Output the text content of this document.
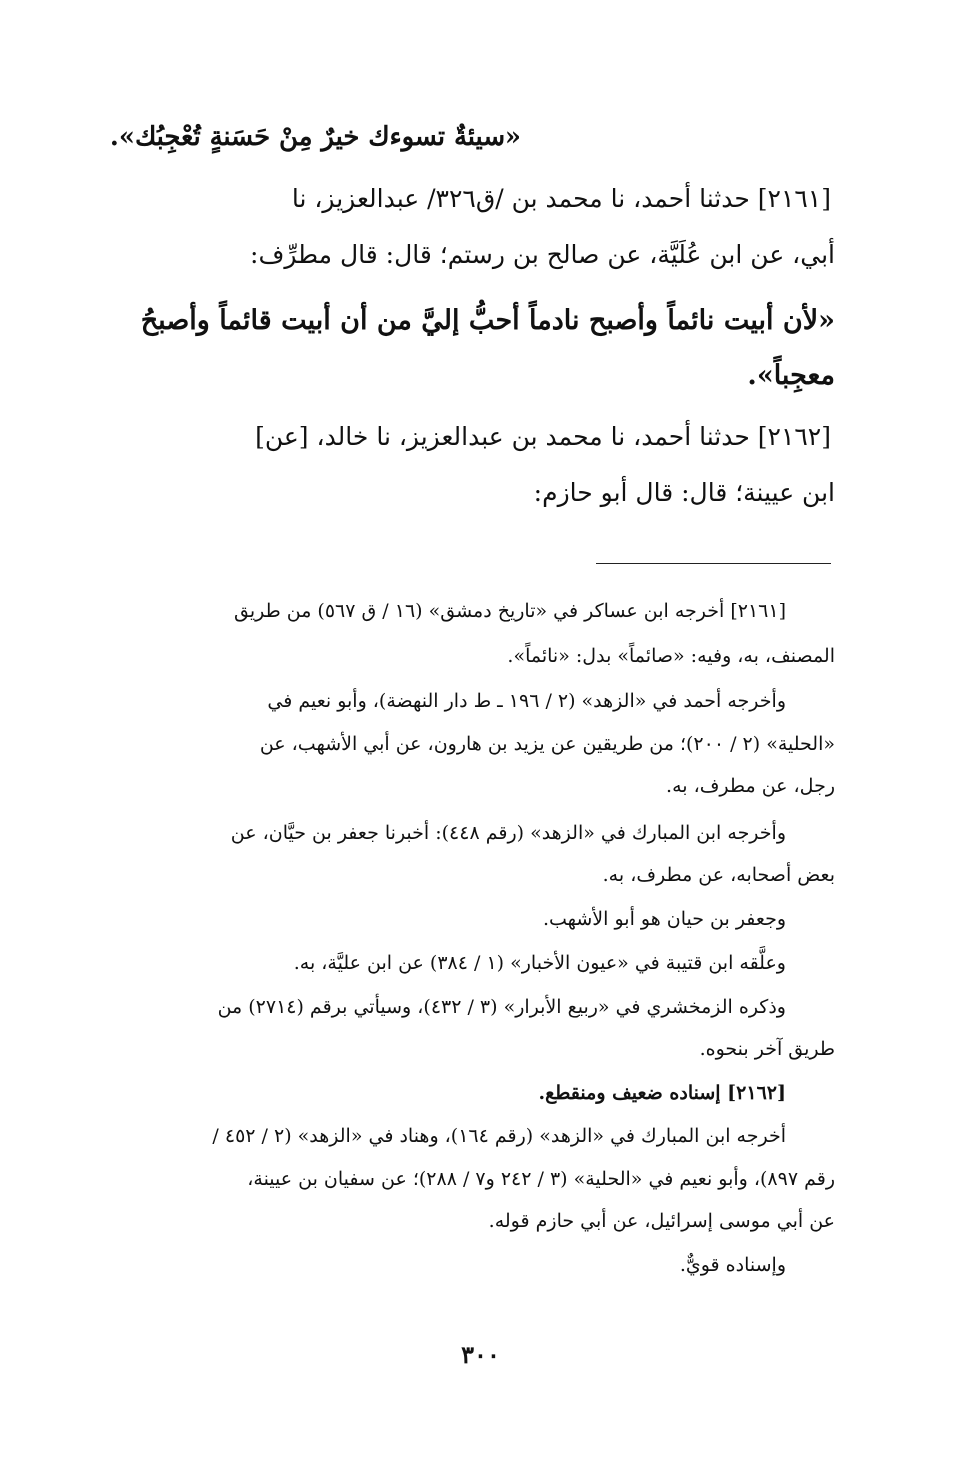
«سيئةٌ تسوءك خيرٌ مِنْ حَسَنةٍ تُعْجِبُك».
[٢١٦١] حدثنا أحمد، نا محمد بن /ق٣٢٦/ عبدالعزيز، نا
أبي، عن ابن عُلَيَّة، عن صالح بن رستم؛ قال: قال مطرِّف:
«لأن أبيت نائماً وأصبح نادماً أحبُّ إليَّ من أن أبيت قائماً وأصبحُ
معجِباً».
[٢١٦٢] حدثنا أحمد، نا محمد بن عبدالعزيز، نا خالد، [عن]
ابن عيينة؛ قال: قال أبو حازم:
[٢١٦١] أخرجه ابن عساكر في «تاريخ دمشق» (١٦ / ق ٥٦٧) من طريق
المصنف، به، وفيه: «صائماً» بدل: «نائماً».
وأخرجه أحمد في «الزهد» (٢ / ١٩٦ ـ ط دار النهضة)، وأبو نعيم في
«الحلية» (٢ / ٢٠٠)؛ من طريقين عن يزيد بن هارون، عن أبي الأشهب، عن
رجل، عن مطرف، به.
وأخرجه ابن المبارك في «الزهد» (رقم ٤٤٨): أخبرنا جعفر بن حيَّان، عن
بعض أصحابه، عن مطرف، به.
وجعفر بن حيان هو أبو الأشهب.
وعلَّقه ابن قتيبة في «عيون الأخبار» (١ / ٣٨٤) عن ابن عليَّة، به.
وذكره الزمخشري في «ربيع الأبرار» (٣ / ٤٣٢)، وسيأتي برقم (٢٧١٤) من
طريق آخر بنحوه.
[٢١٦٢] إسناده ضعيف ومنقطع.
أخرجه ابن المبارك في «الزهد» (رقم ١٦٤)، وهناد في «الزهد» (٢ / ٤٥٢ /
رقم ٨٩٧)، وأبو نعيم في «الحلية» (٣ / ٢٤٢ و٧ / ٢٨٨)؛ عن سفيان بن عيينة،
عن أبي موسى إسرائيل، عن أبي حازم قوله.
وإسناده قويٌّ.
٣٠٠
